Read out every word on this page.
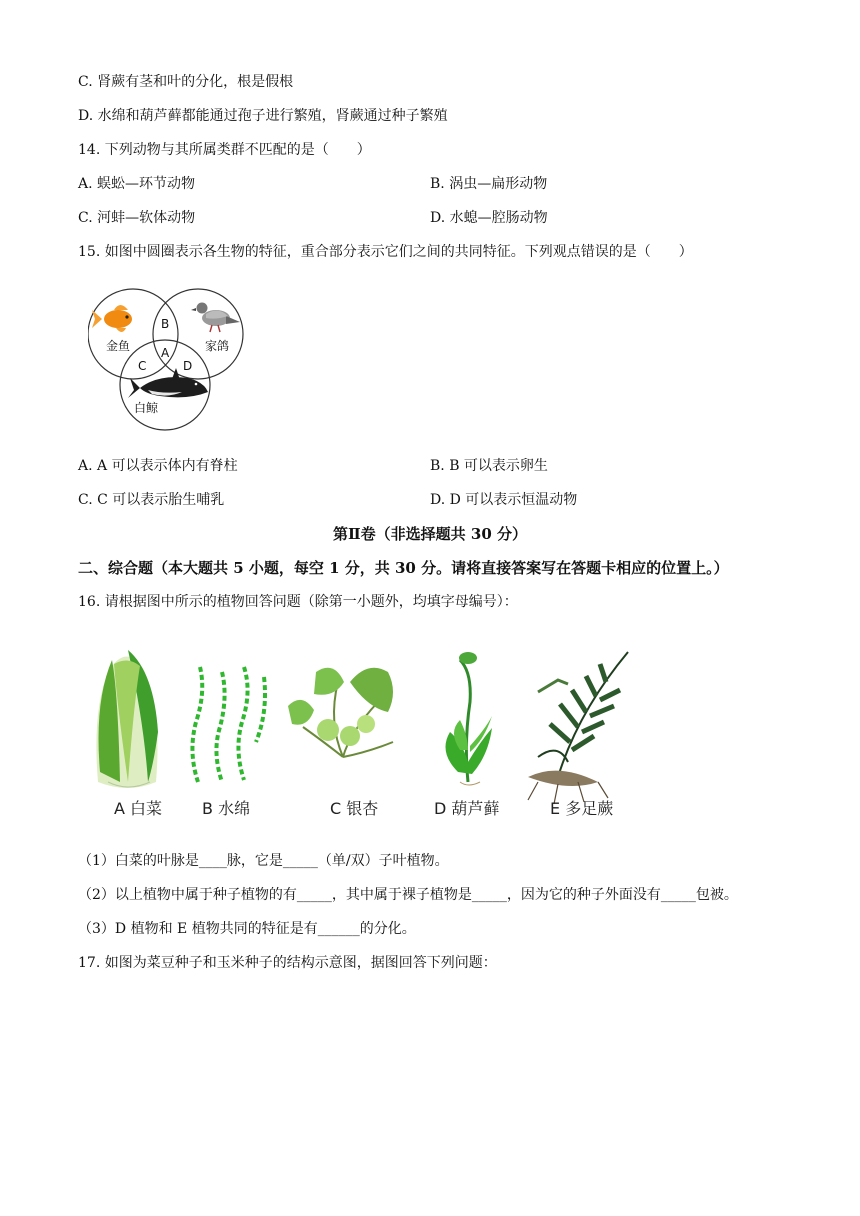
C. 肾蕨有茎和叶的分化，根是假根
D. 水绵和葫芦藓都能通过孢子进行繁殖，肾蕨通过种子繁殖
14. 下列动物与其所属类群不匹配的是（　　）
A. 蜈蚣—环节动物	B. 涡虫—扁形动物
C. 河蚌—软体动物	D. 水螅—腔肠动物
15. 如图中圆圈表示各生物的特征，重合部分表示它们之间的共同特征。下列观点错误的是（　　）
金鱼	家鸽
白鲸
B
A
C	D
A. A 可以表示体内有脊柱	B. B 可以表示卵生
C. C 可以表示胎生哺乳	D. D 可以表示恒温动物
第Ⅱ卷（非选择题共 30 分）
二、综合题（本大题共 5 小题，每空 1 分，共 30 分。请将直接答案写在答题卡相应的位置上。）
16. 请根据图中所示的植物回答问题（除第一小题外，均填字母编号）：
A 白菜 B 水绵	C 银杏	D 葫芦藓	E 多足蕨
（1）白菜的叶脉是____脉，它是_____（单/双）子叶植物。
（2）以上植物中属于种子植物的有_____，其中属于裸子植物是_____，因为它的种子外面没有_____包被。
（3）D 植物和 E 植物共同的特征是有______的分化。
17. 如图为菜豆种子和玉米种子的结构示意图，据图回答下列问题：
